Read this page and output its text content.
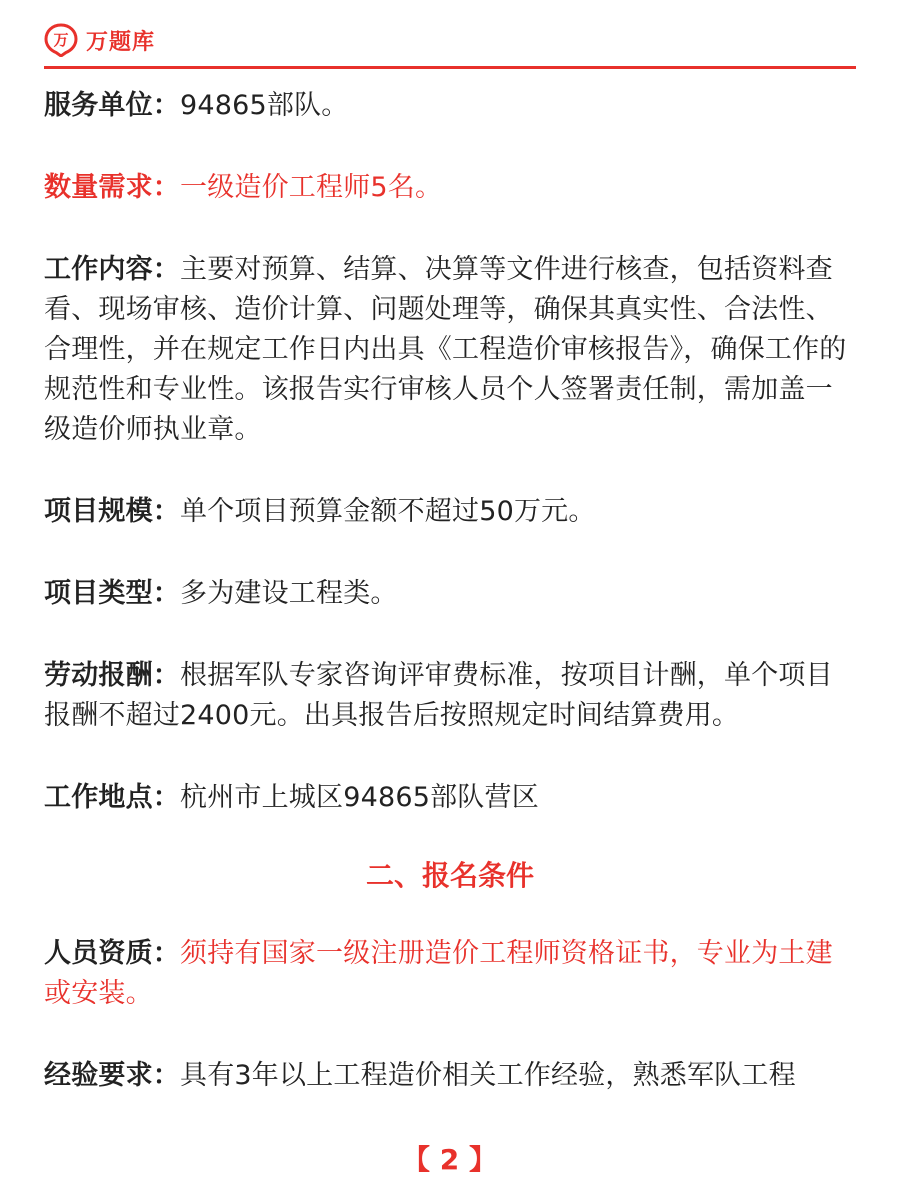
万 万题库

服务单位：94865部队。

数量需求：一级造价工程师5名。

工作内容：主要对预算、结算、决算等文件进行核查，包括资料查看、现场审核、造价计算、问题处理等，确保其真实性、合法性、合理性，并在规定工作日内出具《工程造价审核报告》，确保工作的规范性和专业性。该报告实行审核人员个人签署责任制，需加盖一级造价师执业章。

项目规模：单个项目预算金额不超过50万元。

项目类型：多为建设工程类。

劳动报酬：根据军队专家咨询评审费标准，按项目计酬，单个项目报酬不超过2400元。出具报告后按照规定时间结算费用。

工作地点：杭州市上城区94865部队营区

二、报名条件

人员资质：须持有国家一级注册造价工程师资格证书，专业为土建或安装。

经验要求：具有3年以上工程造价相关工作经验，熟悉军队工程

【 2 】
